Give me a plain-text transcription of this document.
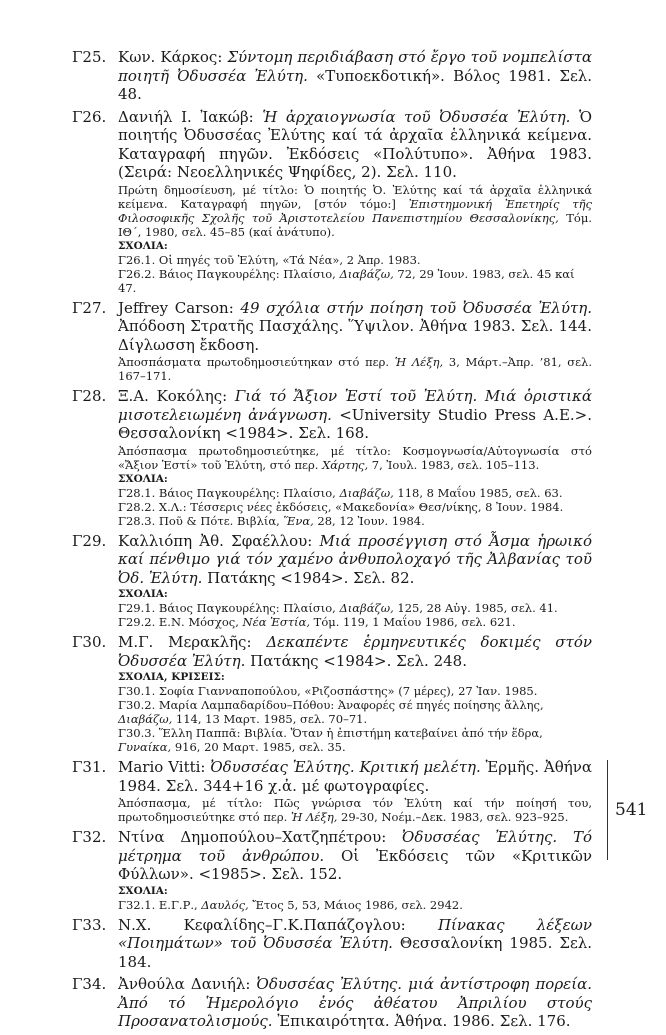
Γ25. Κων. Κάρκος: Σύντομη περιδιάβαση στό ἔργο τοῦ νομπελίστα ποιητῆ Ὀδυσσέα Ἐλύτη. «Τυποεκδοτική». Βόλος 1981. Σελ. 48.
Γ26. Δανιήλ Ι. Ἰακώβ: Ἡ ἀρχαιογνωσία τοῦ Ὀδυσσέα Ἐλύτη. Ὁ ποιητής Ὀδυσσέας Ἐλύτης καί τά ἀρχαῖα ἑλληνικά κείμενα. Καταγραφή πηγῶν. Ἐκδόσεις «Πολύτυπο». Ἀθήνα 1983. (Σειρά: Νεοελληνικές Ψηφίδες, 2). Σελ. 110.
Πρώτη δημοσίευση, μέ τίτλο: Ὁ ποιητής Ὀ. Ἐλύτης καί τά ἀρχαῖα ἑλληνικά κείμενα. Καταγραφή πηγῶν, [στόν τόμο:] Ἐπιστημονική Ἐπετηρίς τῆς Φιλοσοφικῆς Σχολῆς τοῦ Ἀριστοτελείου Πανεπιστημίου Θεσσαλονίκης, Τόμ. ΙΘ΄, 1980, σελ. 45–85 (καί ἀνάτυπο).
ΣΧΟΛΙΑ:
Γ26.1. Οἱ πηγές τοῦ Ἐλύτη, «Τά Νέα», 2 Ἀπρ. 1983.
Γ26.2. Βάιος Παγκουρέλης: Πλαίσιο, Διαβάζω, 72, 29 Ἰουν. 1983, σελ. 45 καί 47.
Γ27. Jeffrey Carson: 49 σχόλια στήν ποίηση τοῦ Ὀδυσσέα Ἐλύτη. Ἀπόδοση Στρατῆς Πασχάλης. Ὕψιλον. Ἀθήνα 1983. Σελ. 144. Δίγλωσση ἔκδοση.
Ἀποσπάσματα πρωτοδημοσιεύτηκαν στό περ. Ἡ Λέξη, 3, Μάρτ.–Ἀπρ. ’81, σελ. 167–171.
Γ28. Ξ.Α. Κοκόλης: Γιά τό Ἄξιον Ἐστί τοῦ Ἐλύτη. Μιά ὁριστικά μισοτελειωμένη ἀνάγνωση. <University Studio Press A.E.>. Θεσσαλονίκη <1984>. Σελ. 168.
Ἀπόσπασμα πρωτοδημοσιεύτηκε, μέ τίτλο: Κοσμογνωσία/Αὐτογνωσία στό «Ἄξιον Ἐστί» τοῦ Ἐλύτη, στό περ. Χάρτης, 7, Ἰουλ. 1983, σελ. 105–113.
ΣΧΟΛΙΑ:
Γ28.1. Βάιος Παγκουρέλης: Πλαίσιο, Διαβάζω, 118, 8 Μαΐου 1985, σελ. 63.
Γ28.2. Χ.Λ.: Τέσσερις νέες ἐκδόσεις, «Μακεδονία» Θεσ/νίκης, 8 Ἰουν. 1984.
Γ28.3. Ποῦ & Πότε. Βιβλία, Ἕνα, 28, 12 Ἰουν. 1984.
Γ29. Καλλιόπη Ἀθ. Σφαέλλου: Μιά προσέγγιση στό Ἆσμα ἡρωικό καί πένθιμο γιά τόν χαμένο ἀνθυπολοχαγό τῆς Ἀλβανίας τοῦ Ὀδ. Ἐλύτη. Πατάκης <1984>. Σελ. 82.
ΣΧΟΛΙΑ:
Γ29.1. Βάιος Παγκουρέλης: Πλαίσιο, Διαβάζω, 125, 28 Αὐγ. 1985, σελ. 41.
Γ29.2. Ε.Ν. Μόσχος, Νέα Ἑστία, Τόμ. 119, 1 Μαΐου 1986, σελ. 621.
Γ30. Μ.Γ. Μερακλῆς: Δεκαπέντε ἑρμηνευτικές δοκιμές στόν Ὀδυσσέα Ἐλύτη. Πατάκης <1984>. Σελ. 248.
ΣΧΟΛΙΑ, ΚΡΙΣΕΙΣ:
Γ30.1. Σοφία Γιανναποπούλου, «Ριζοσπάστης» (7 μέρες), 27 Ἰαν. 1985.
Γ30.2. Μαρία Λαμπαδαρίδου–Πόθου: Ἀναφορές σέ πηγές ποίησης ἄλλης, Διαβάζω, 114, 13 Μαρτ. 1985, σελ. 70–71.
Γ30.3. Ἕλλη Παππᾶ: Βιβλία. Ὅταν ἡ ἐπιστήμη κατεβαίνει ἀπό τήν ἕδρα, Γυναίκα, 916, 20 Μαρτ. 1985, σελ. 35.
Γ31. Mario Vitti: Ὀδυσσέας Ἐλύτης. Κριτική μελέτη. Ἑρμῆς. Ἀθήνα 1984. Σελ. 344+16 χ.ἀ. μέ φωτογραφίες.
Ἀπόσπασμα, μέ τίτλο: Πῶς γνώρισα τόν Ἐλύτη καί τήν ποίησή του, πρωτοδημοσιεύτηκε στό περ. Ἡ Λέξη, 29-30, Νοέμ.–Δεκ. 1983, σελ. 923–925.
Γ32. Ντίνα Δημοπούλου–Χατζηπέτρου: Ὀδυσσέας Ἐλύτης. Τό μέτρημα τοῦ ἀνθρώπου. Οἱ Ἐκδόσεις τῶν «Κριτικῶν Φύλλων». <1985>. Σελ. 152.
ΣΧΟΛΙΑ:
Γ32.1. Ε.Γ.Ρ., Δαυλός, Ἔτος 5, 53, Μάιος 1986, σελ. 2942.
Γ33. Ν.Χ. Κεφαλίδης–Γ.Κ.Παπάζογλου: Πίνακας λέξεων «Ποιημάτων» τοῦ Ὀδυσσέα Ἐλύτη. Θεσσαλονίκη 1985. Σελ. 184.
Γ34. Ἀνθούλα Δανιήλ: Ὀδυσσέας Ἐλύτης. μιά ἀντίστροφη πορεία. Ἀπό τό Ἡμερολόγιο ἑνός ἀθέατου Ἀπριλίου στούς Προσανατολισμούς. Ἐπικαιρότητα. Ἀθήνα. 1986. Σελ. 176.
541
